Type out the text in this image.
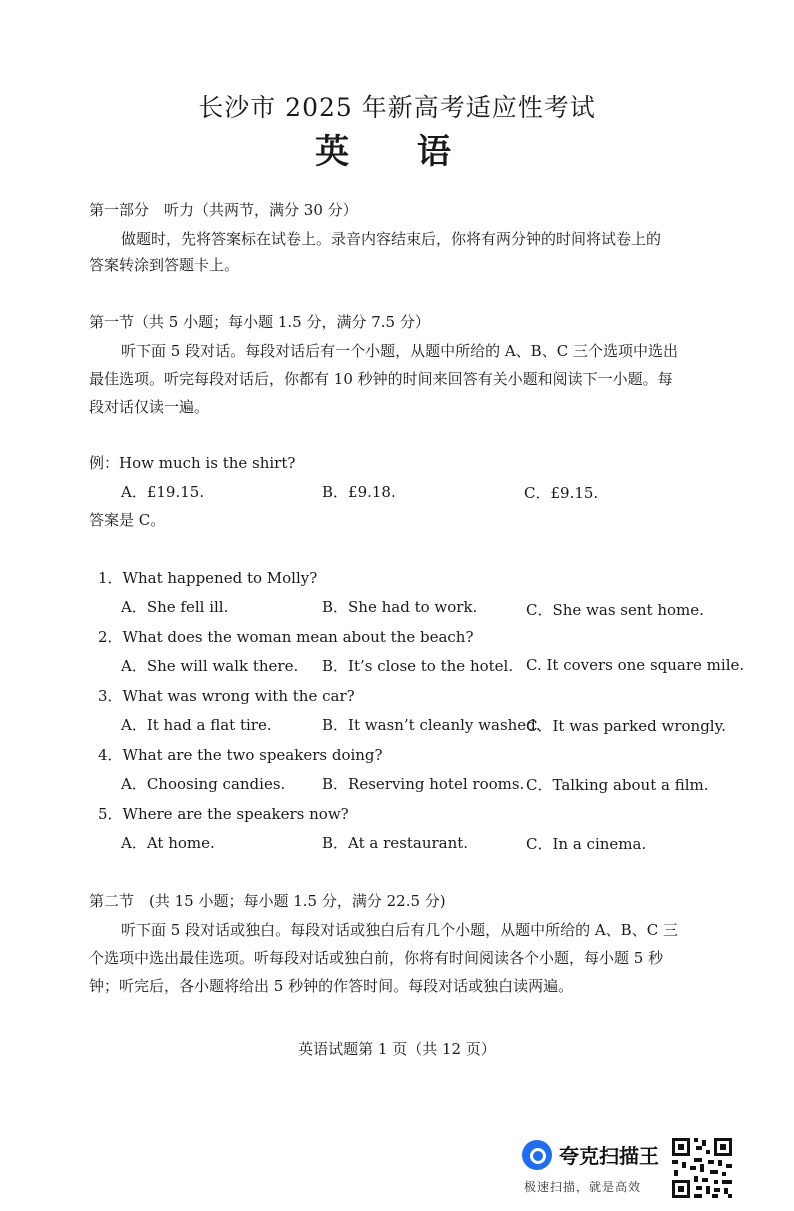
长沙市 2025 年新高考适应性考试
英 语
第一部分　听力（共两节，满分 30 分）
做题时，先将答案标在试卷上。录音内容结束后，你将有两分钟的时间将试卷上的
答案转涂到答题卡上。
第一节（共 5 小题；每小题 1.5 分，满分 7.5 分）
听下面 5 段对话。每段对话后有一个小题，从题中所给的 A、B、C 三个选项中选出
最佳选项。听完每段对话后，你都有 10 秒钟的时间来回答有关小题和阅读下一小题。每
段对话仅读一遍。
例：How much is the shirt?
A．£19.15.	B．£9.18.	C．£9.15.
答案是 C。
1．What happened to Molly?
A．She fell ill.	B．She had to work.	C．She was sent home.
2．What does the woman mean about the beach?
A．She will walk there. B．It’s close to the hotel. C. It covers one square mile.
3．What was wrong with the car?
A．It had a flat tire.	B．It wasn’t cleanly washed.
C．It was parked wrongly.
4．What are the two speakers doing?
A．Choosing candies. B．Reserving hotel rooms. C．Talking about a film.
5．Where are the speakers now?
A．At home.	B．At a restaurant.	C．In a cinema.
第二节　(共 15 小题；每小题 1.5 分，满分 22.5 分)
听下面 5 段对话或独白。每段对话或独白后有几个小题，从题中所给的 A、B、C 三
个选项中选出最佳选项。听每段对话或独白前，你将有时间阅读各个小题，每小题 5 秒
钟；听完后，各小题将给出 5 秒钟的作答时间。每段对话或独白读两遍。
英语试题第 1 页（共 12 页）
夸克扫描王
极速扫描，就是高效
